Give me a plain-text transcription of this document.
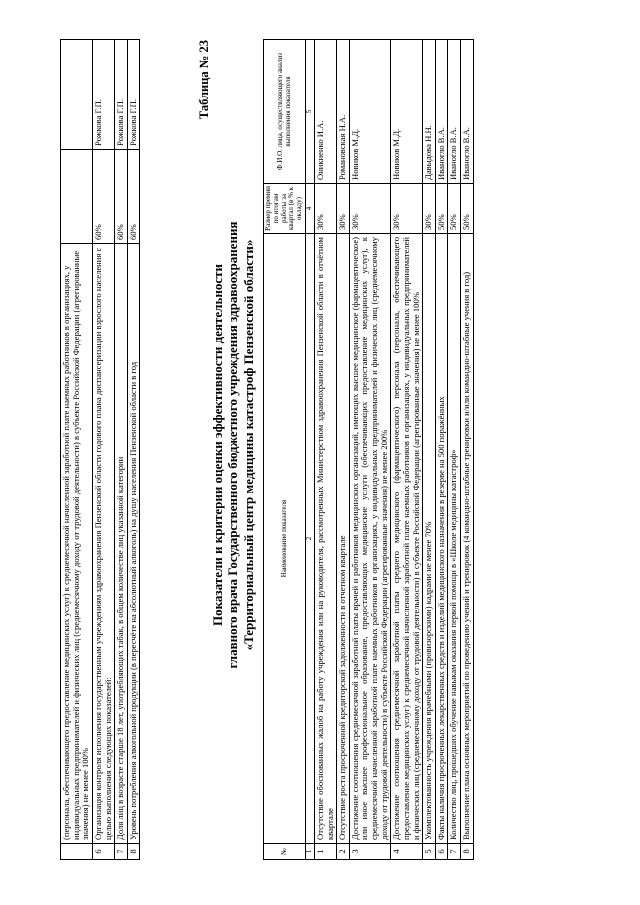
	(персонала, обеспечивающего предоставление медицинских услуг) к среднемесячной начисленной заработной плате наемных работников в организациях, у индивидуальных предпринимателей и физических лиц (среднемесячному доходу от трудовой деятельности) в субъекте Российской Федерации (агрегированные значения) не менее 100%		
6	Организация контроля исполнения государственным учреждениям здравоохранения Пензенской области годового плана диспансеризации взрослого населения с целью выполнения следующих показателей:	60%	Рожкова Г.П.
7	Доля лиц в возрасте старше 18 лет, употребляющих табак, в общем количестве лиц указанной категории	60%	Рожкова Г.П.
8	Уровень потребления алкогольной продукции (в пересчёте на абсолютный алкоголь) на душу населения Пензенской области в год	60%	Рожкова Г.П.
Таблица № 23
Показатели и критерии оценки эффективности деятельности главного врача Государственного бюджетного учреждения здравоохранения «Территориальный центр медицины катастроф Пензенской области»
№	Наименование показателя	Размер премии по итогам работы за квартал (в % к окладу)	Ф.И.О. лица, осуществляющего анализ выполнения показателя
1	2	4	5
1	Отсутствие обоснованных жалоб на работу учреждения или на руководителя, рассмотренных Министерством здравоохранения Пензенской области в отчётном квартале	30%	Оникиенко И.А.
2	Отсутствие роста просроченной кредиторской задолженности в отчетном квартале	30%	Романовская Н.А.
3	Достижение соотношения среднемесячной заработной платы врачей и работников медицинских организаций, имеющих высшее медицинское (фармацевтическое) или иное высшее профессиональное образование, предоставляющих медицинские услуги (обеспечивающих предоставление медицинских услуг), к среднемесячной начисленной заработной плате наемных работников в организациях, у индивидуальных предпринимателей и физических лиц (среднемесячному доходу от трудовой деятельности) в субъекте Российской Федерации (агрегированные значения) не менее 200%	30%	Новиков М.Д.
4	Достижение соотношения среднемесячной заработной платы среднего медицинского (фармацевтического) персонала (персонала, обеспечивающего предоставление медицинских услуг) к среднемесячной начисленной заработной плате наемных работников в организациях, у индивидуальных предпринимателей и физических лиц (среднемесячному доходу от трудовой деятельности) в субъекте Российской Федерации (агрегированные значения) не менее 100%	30%	Новиков М.Д.
5	Укомплектованность учреждения врачебными (провизорскими) кадрами не менее 70%	30%	Давыдова Н.Н.
6	Факты наличия просроченных лекарственных средств и изделий медицинского назначения в резерве на 500 поражённых	50%	Иваногло В.А.
7	Количество лиц, прошедших обучение навыкам оказания первой помощи в «Школе медицины катастроф»	50%	Иваногло В.А.
8	Выполнение плана основных мероприятий по проведению учений и тренировок (4 командно-штабные тренировки и/или командно-штабные учения в год)	50%	Иваногло В.А.
